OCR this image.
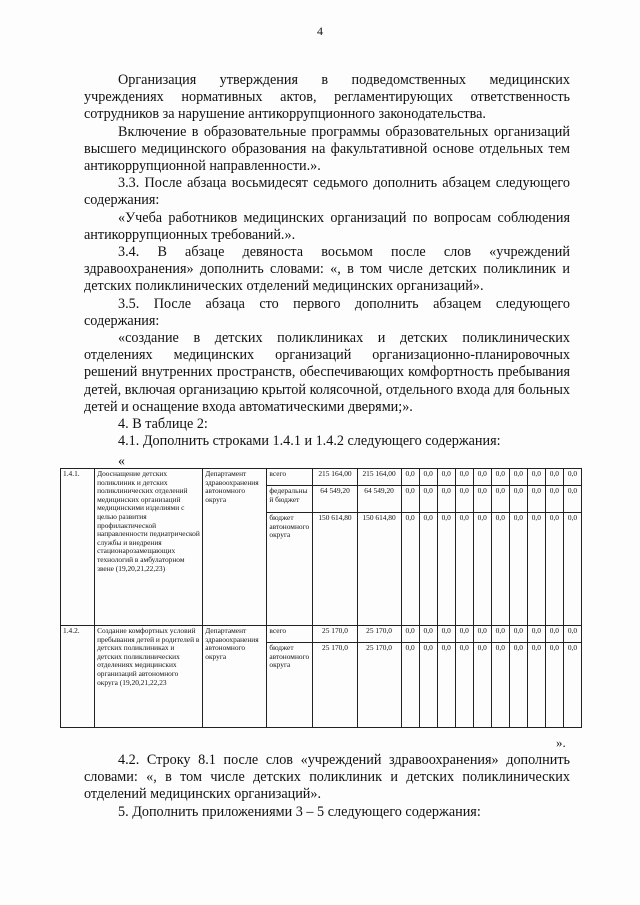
4

Организация утверждения в подведомственных медицинских учреждениях нормативных актов, регламентирующих ответственность сотрудников за нарушение антикоррупционного законодательства.

Включение в образовательные программы образовательных организаций высшего медицинского образования на факультативной основе отдельных тем антикоррупционной направленности.».

3.3. После абзаца восьмидесят седьмого дополнить абзацем следующего содержания:

«Учеба работников медицинских организаций по вопросам соблюдения антикоррупционных требований.».

3.4. В абзаце девяноста восьмом после слов «учреждений здравоохранения» дополнить словами: «, в том числе детских поликлиник и детских поликлинических отделений медицинских организаций».

3.5. После абзаца сто первого дополнить абзацем следующего содержания:

«создание в детских поликлиниках и детских поликлинических отделениях медицинских организаций организационно-планировочных решений внутренних пространств, обеспечивающих комфортность пребывания детей, включая организацию крытой колясочной, отдельного входа для больных детей и оснащение входа автоматическими дверями;».

4. В таблице 2:

4.1. Дополнить строками 1.4.1 и 1.4.2 следующего содержания:

«
1.4.1.	Дооснащение детских поликлиник и детских поликлинических отделений медицинских организаций медицинскими изделиями с целью развития профилактической направленности педиатрической службы и внедрения стационарозамещающих технологий в амбулаторном звене (19,20,21,22,23)	Департамент здравоохранения автономного округа	всего	215 164,00	215 164,00	0,0	0,0	0,0	0,0	0,0	0,0	0,0	0,0	0,0	0,0
			федеральный бюджет	64 549,20	64 549,20	0,0	0,0	0,0	0,0	0,0	0,0	0,0	0,0	0,0	0,0
			бюджет автономного округа	150 614,80	150 614,80	0,0	0,0	0,0	0,0	0,0	0,0	0,0	0,0	0,0	0,0
1.4.2.	Создание комфортных условий пребывания детей и родителей в детских поликлиниках и детских поликлинических отделениях медицинских организаций автономного округа (19,20,21,22,23	Департамент здравоохранения автономного округа	всего	25 170,0	25 170,0	0,0	0,0	0,0	0,0	0,0	0,0	0,0	0,0	0,0	0,0
			бюджет автономного округа	25 170,0	25 170,0	0,0	0,0	0,0	0,0	0,0	0,0	0,0	0,0	0,0	0,0
».

4.2. Строку 8.1 после слов «учреждений здравоохранения» дополнить словами: «, в том числе детских поликлиник и детских поликлинических отделений медицинских организаций».

5. Дополнить приложениями 3 – 5 следующего содержания:
